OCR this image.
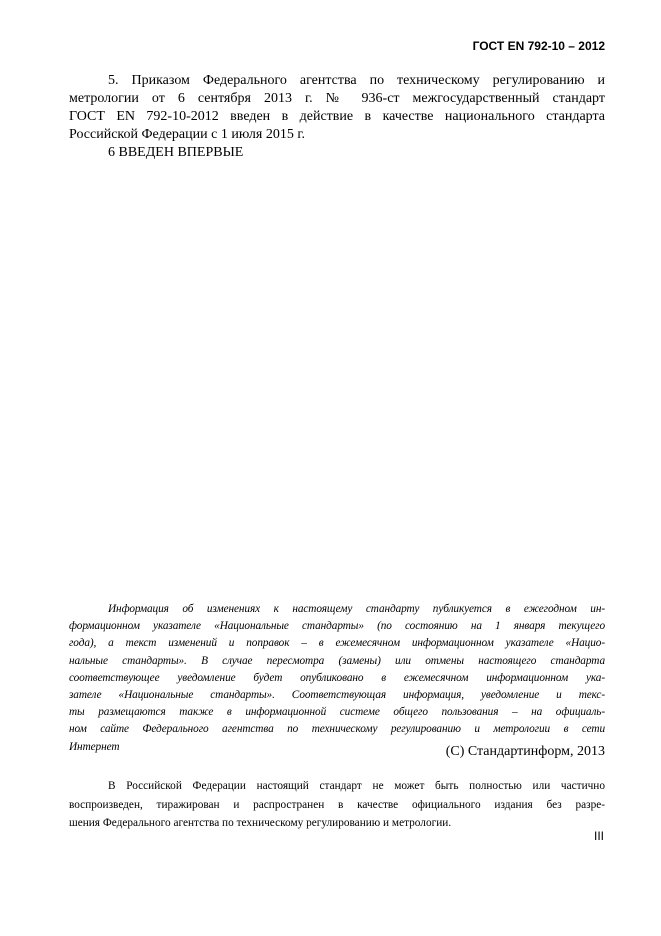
ГОСТ EN 792-10 – 2012
5. Приказом Федерального агентства по техническому регулированию и
метрологии от 6 сентября 2013 г. № 936-ст межгосударственный стандарт
ГОСТ EN 792-10-2012 введен в действие в качестве национального стандарта
Российской Федерации с 1 июля 2015 г.
6 ВВЕДЕН ВПЕРВЫЕ
Информация об изменениях к настоящему стандарту публикуется в ежегодном ин-
формационном указателе «Национальные стандарты» (по состоянию на 1 января текущего
года), а текст изменений и поправок – в ежемесячном информационном указателе «Нацио-
нальные стандарты». В случае пересмотра (замены) или отмены настоящего стандарта
соответствующее уведомление будет опубликовано в ежемесячном информационном ука-
зателе «Национальные стандарты». Соответствующая информация, уведомление и текс-
ты размещаются также в информационной системе общего пользования – на официаль-
ном сайте Федерального агентства по техническому регулированию и метрологии в сети
Интернет	(С) Стандартинформ, 2013
В Российской Федерации настоящий стандарт не может быть полностью или частично
воспроизведен, тиражирован и распространен в качестве официального издания без разре-
шения Федерального агентства по техническому регулированию и метрологии.
III
